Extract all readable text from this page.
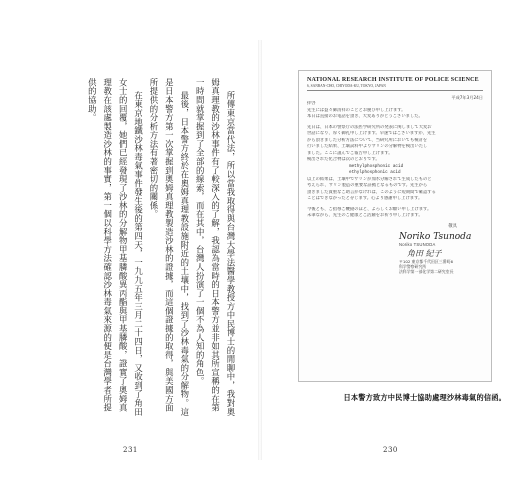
所傳東京當代法，所以當我取得與台灣大學法醫學教授方中民博士的閒聊中，我對奧姆真理教的沙林事件有了較深入的了解，我認為當時的日本警方並非如其所宣稱的在第一時間就掌握到了全部的線索，而在其中，台灣人扮演了一個不為人知的角色。

最後，日本警方終於在奧姆真理教設施附近的土壤中，找到了沙林毒氣的分解物。這是日本警方第一次掌握到奧姆真理教製造沙林的證據，而這個證據的取得，與美國方面所提供的分析方法有著密切的關係。

在東京地鐵沙林毒氣事件發生後的第四天，一九九五年三月二十四日，又收到了角田女士的回覆，她們已經發現了沙林的分解物甲基膦酸異丙酯與甲基膦酸，證實了奧姆真理教在該處製造沙林的事實，第一個以科學方法確認沙林毒氣來源的便是台灣學者所提供的協助。

231
NATIONAL RESEARCH INSTITUTE OF POLICE SCIENCE
6, SANBAN-CHO, CHIYODA-KU, TOKYO, JAPAN
平成7年3月24日
拝啓
先生には益々御清祥のこととお慶び申し上げます。
本日は直接のお電話を頂き、大変ありがとうございました。
先日は、日本の警察庁の法医学研究所の発表に関しまして大変お
世話になり、厚く御礼申し上げます。早速ではございますが、先生
から頂きました分析方法について、当研究所においても検討を
行いました結果、土壌試料中よりサリンの分解物を検出いたし
ました。ここに謹んでご報告申し上げます。
検出された化合物は次のとおりです。
methylphosphonic acid
ethylphosphonic acid
以上の結果は、土壌中でサリンが加水分解されて生成したものと
考えられ、サリン製造の重要な証拠となるものです。先生から
頂きました貴重なご助言がなければ、このように短期間で確認する
ことはできなかったと存じます。心より感謝申し上げます。
今後とも、ご指導ご鞭撻のほど、よろしくお願い申し上げます。
末筆ながら、先生のご健康とご活躍をお祈り申し上げます。
敬具
Noriko Tsunoda
Noriko TSUNODA
角田 紀子
〒102 東京都千代田区三番町6
科学警察研究所
法科学第一部化学第二研究室長
日本警方致方中民博士協助處理沙林毒氣的信函。
230
